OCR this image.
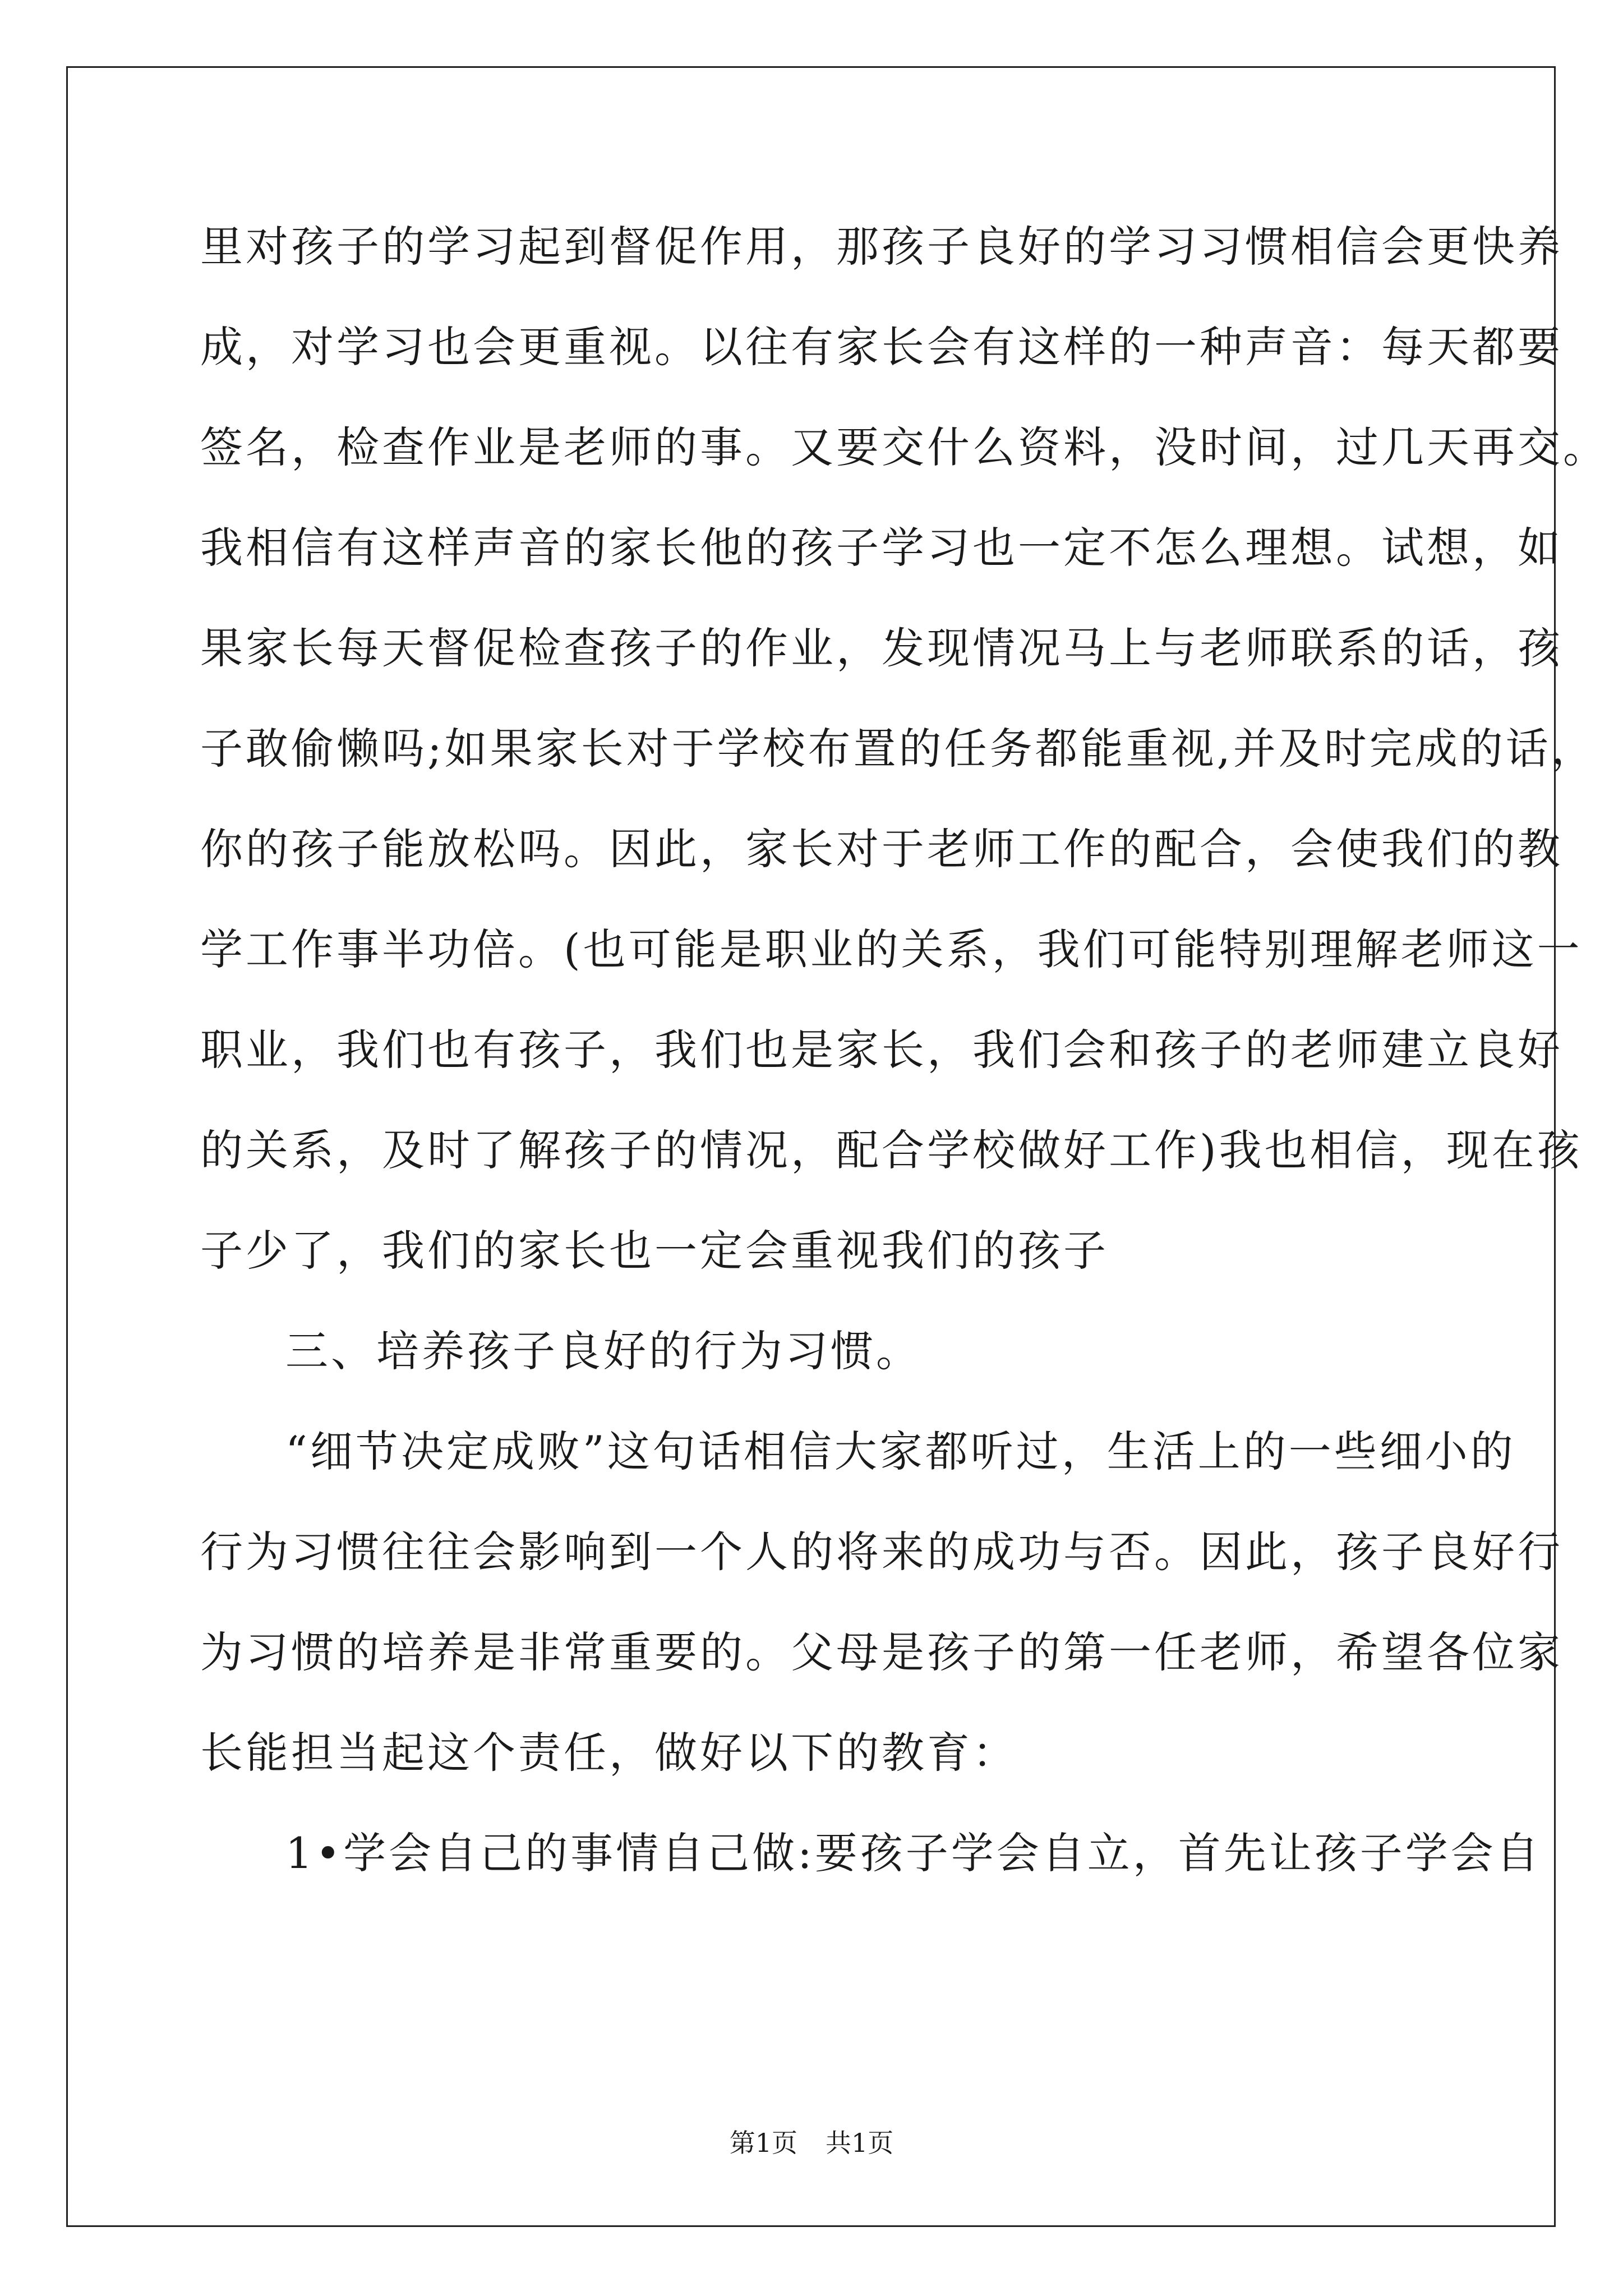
里对孩子的学习起到督促作用，那孩子良好的学习习惯相信会更快养
成，对学习也会更重视。以往有家长会有这样的一种声音：每天都要
签名，检查作业是老师的事。又要交什么资料，没时间，过几天再交。
我相信有这样声音的家长他的孩子学习也一定不怎么理想。试想，如
果家长每天督促检查孩子的作业，发现情况马上与老师联系的话，孩
子敢偷懒吗;如果家长对于学校布置的任务都能重视,并及时完成的话，
你的孩子能放松吗。因此，家长对于老师工作的配合，会使我们的教
学工作事半功倍。(也可能是职业的关系，我们可能特别理解老师这一
职业，我们也有孩子，我们也是家长，我们会和孩子的老师建立良好
的关系，及时了解孩子的情况，配合学校做好工作)我也相信，现在孩
子少了，我们的家长也一定会重视我们的孩子
三、培养孩子良好的行为习惯。
“细节决定成败”这句话相信大家都听过，生活上的一些细小的
行为习惯往往会影响到一个人的将来的成功与否。因此，孩子良好行
为习惯的培养是非常重要的。父母是孩子的第一任老师，希望各位家
长能担当起这个责任，做好以下的教育：
1•学会自己的事情自己做:要孩子学会自立，首先让孩子学会自
第1页 共1页
